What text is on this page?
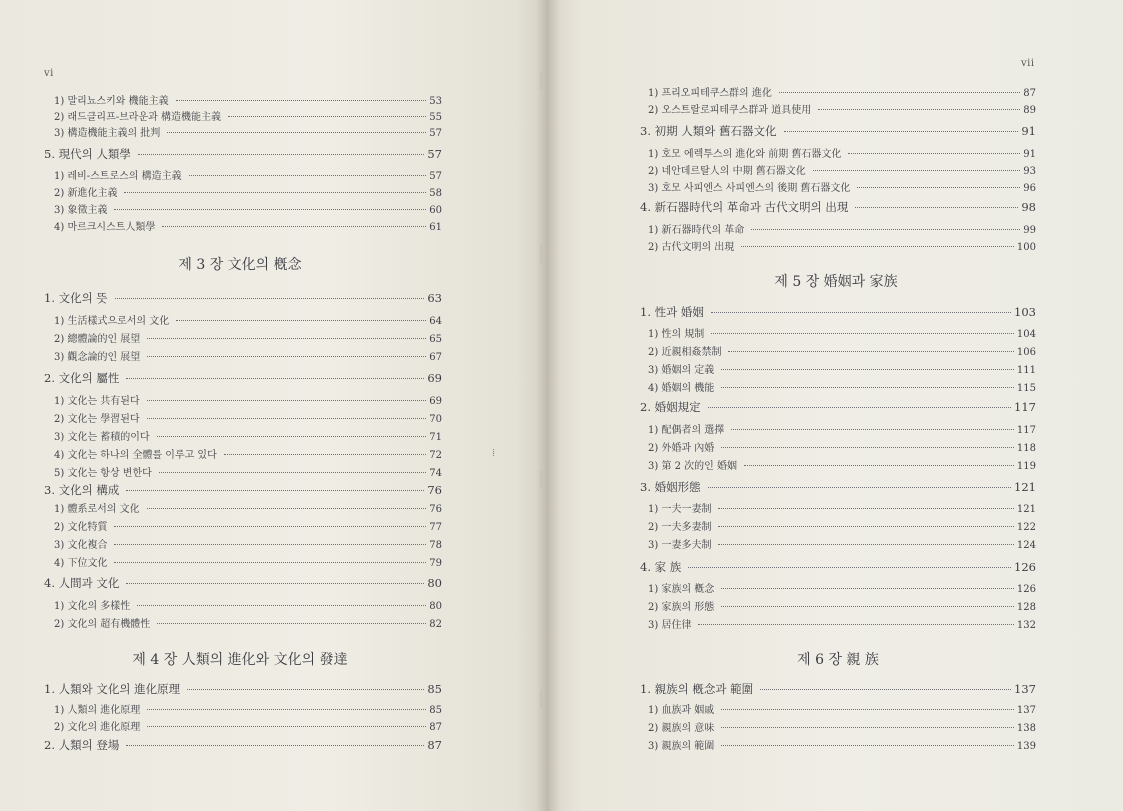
vi
1) 말리뇨스키와 機能主義	53
2) 래드클리프-브라운과 構造機能主義	55
3) 構造機能主義의 批判	57
5. 現代의 人類學	57
1) 레비-스트로스의 構造主義	57
2) 新進化主義	58
3) 象徵主義	60
4) 마르크시스트人類學	61
제 3 장 文化의 槪念
1. 文化의 뜻	63
1) 生活樣式으로서의 文化	64
2) 總體論的인 展望	65
3) 觀念論的인 展望	67
2. 文化의 屬性	69
1) 文化는 共有된다	69
2) 文化는 學習된다	70
3) 文化는 蓄積的이다	71
4) 文化는 하나의 全體를 이루고 있다	72
5) 文化는 항상 변한다	74
3. 文化의 構成	76
1) 體系로서의 文化	76
2) 文化特質	77
3) 文化複合	78
4) 下位文化	79
4. 人間과 文化	80
1) 文化의 多樣性	80
2) 文化의 超有機體性	82
제 4 장 人類의 進化와 文化의 發達
1. 人類와 文化의 進化原理	85
1) 人類의 進化原理	85
2) 文化의 進化原理	87
2. 人類의 登場	87
⁞
vii
1) 프리오피테쿠스群의 進化	87
2) 오스트랄로피테쿠스群과 道具使用	89
3. 初期 人類와 舊石器文化	91
1) 호모 에렉투스의 進化와 前期 舊石器文化	91
2) 네안데르탈人의 中期 舊石器文化	93
3) 호모 사피엔스 사피엔스의 後期 舊石器文化	96
4. 新石器時代의 革命과 古代文明의 出現	98
1) 新石器時代의 革命	99
2) 古代文明의 出現	100
제 5 장 婚姻과 家族
1. 性과 婚姻	103
1) 性의 規制	104
2) 近親相姦禁制	106
3) 婚姻의 定義	111
4) 婚姻의 機能	115
2. 婚姻規定	117
1) 配偶者의 選擇	117
2) 外婚과 內婚	118
3) 第 2 次的인 婚姻	119
3. 婚姻形態	121
1) 一夫一妻制	121
2) 一夫多妻制	122
3) 一妻多夫制	124
4. 家 族	126
1) 家族의 槪念	126
2) 家族의 形態	128
3) 居住律	132
제 6 장 親 族
1. 親族의 槪念과 範圍	137
1) 血族과 姻戚	137
2) 親族의 意味	138
3) 親族의 範圍	139
